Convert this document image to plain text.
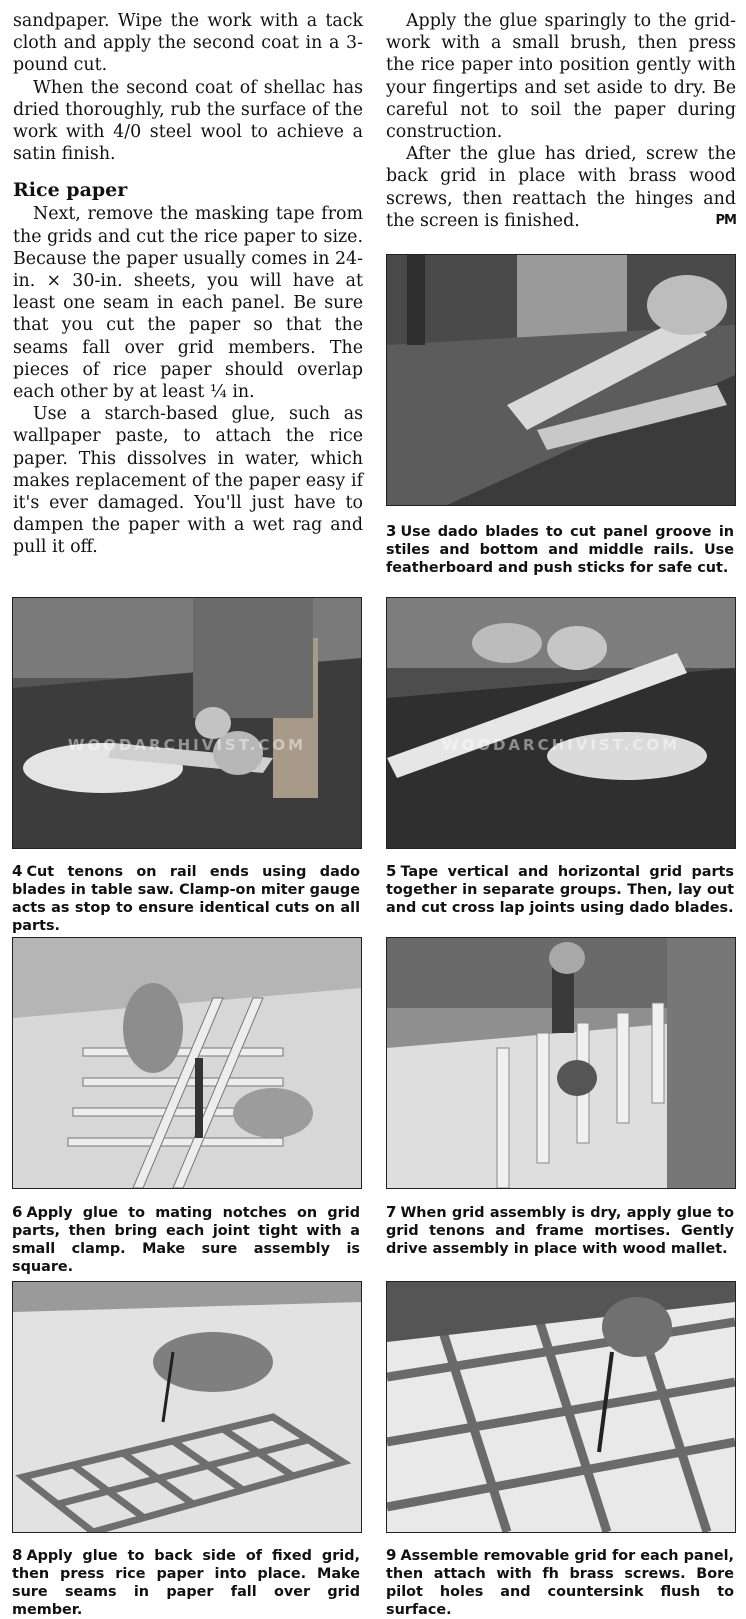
sandpaper. Wipe the work with a tack cloth and apply the second coat in a 3-pound cut.

When the second coat of shellac has dried thoroughly, rub the surface of the work with 4/0 steel wool to achieve a satin finish.

Rice paper

Next, remove the masking tape from the grids and cut the rice paper to size. Because the paper usually comes in 24-in. × 30-in. sheets, you will have at least one seam in each panel. Be sure that you cut the paper so that the seams fall over grid members. The pieces of rice paper should overlap each other by at least ¼ in.

Use a starch-based glue, such as wallpaper paste, to attach the rice paper. This dissolves in water, which makes replacement of the paper easy if it's ever damaged. You'll just have to dampen the paper with a wet rag and pull it off.

Apply the glue sparingly to the grid-work with a small brush, then press the rice paper into position gently with your fingertips and set aside to dry. Be careful not to soil the paper during construction.

After the glue has dried, screw the back grid in place with brass wood screws, then reattach the hinges and the screen is finished.	PM

3 Use dado blades to cut panel groove in stiles and bottom and middle rails. Use featherboard and push sticks for safe cut.

WOODARCHIVIST.COM

4 Cut tenons on rail ends using dado blades in table saw. Clamp-on miter gauge acts as stop to ensure identical cuts on all parts.

WOODARCHIVIST.COM

5 Tape vertical and horizontal grid parts together in separate groups. Then, lay out and cut cross lap joints using dado blades.

6 Apply glue to mating notches on grid parts, then bring each joint tight with a small clamp. Make sure assembly is square.

7 When grid assembly is dry, apply glue to grid tenons and frame mortises. Gently drive assembly in place with wood mallet.

8 Apply glue to back side of fixed grid, then press rice paper into place. Make sure seams in paper fall over grid member.

9 Assemble removable grid for each panel, then attach with fh brass screws. Bore pilot holes and countersink flush to surface.
